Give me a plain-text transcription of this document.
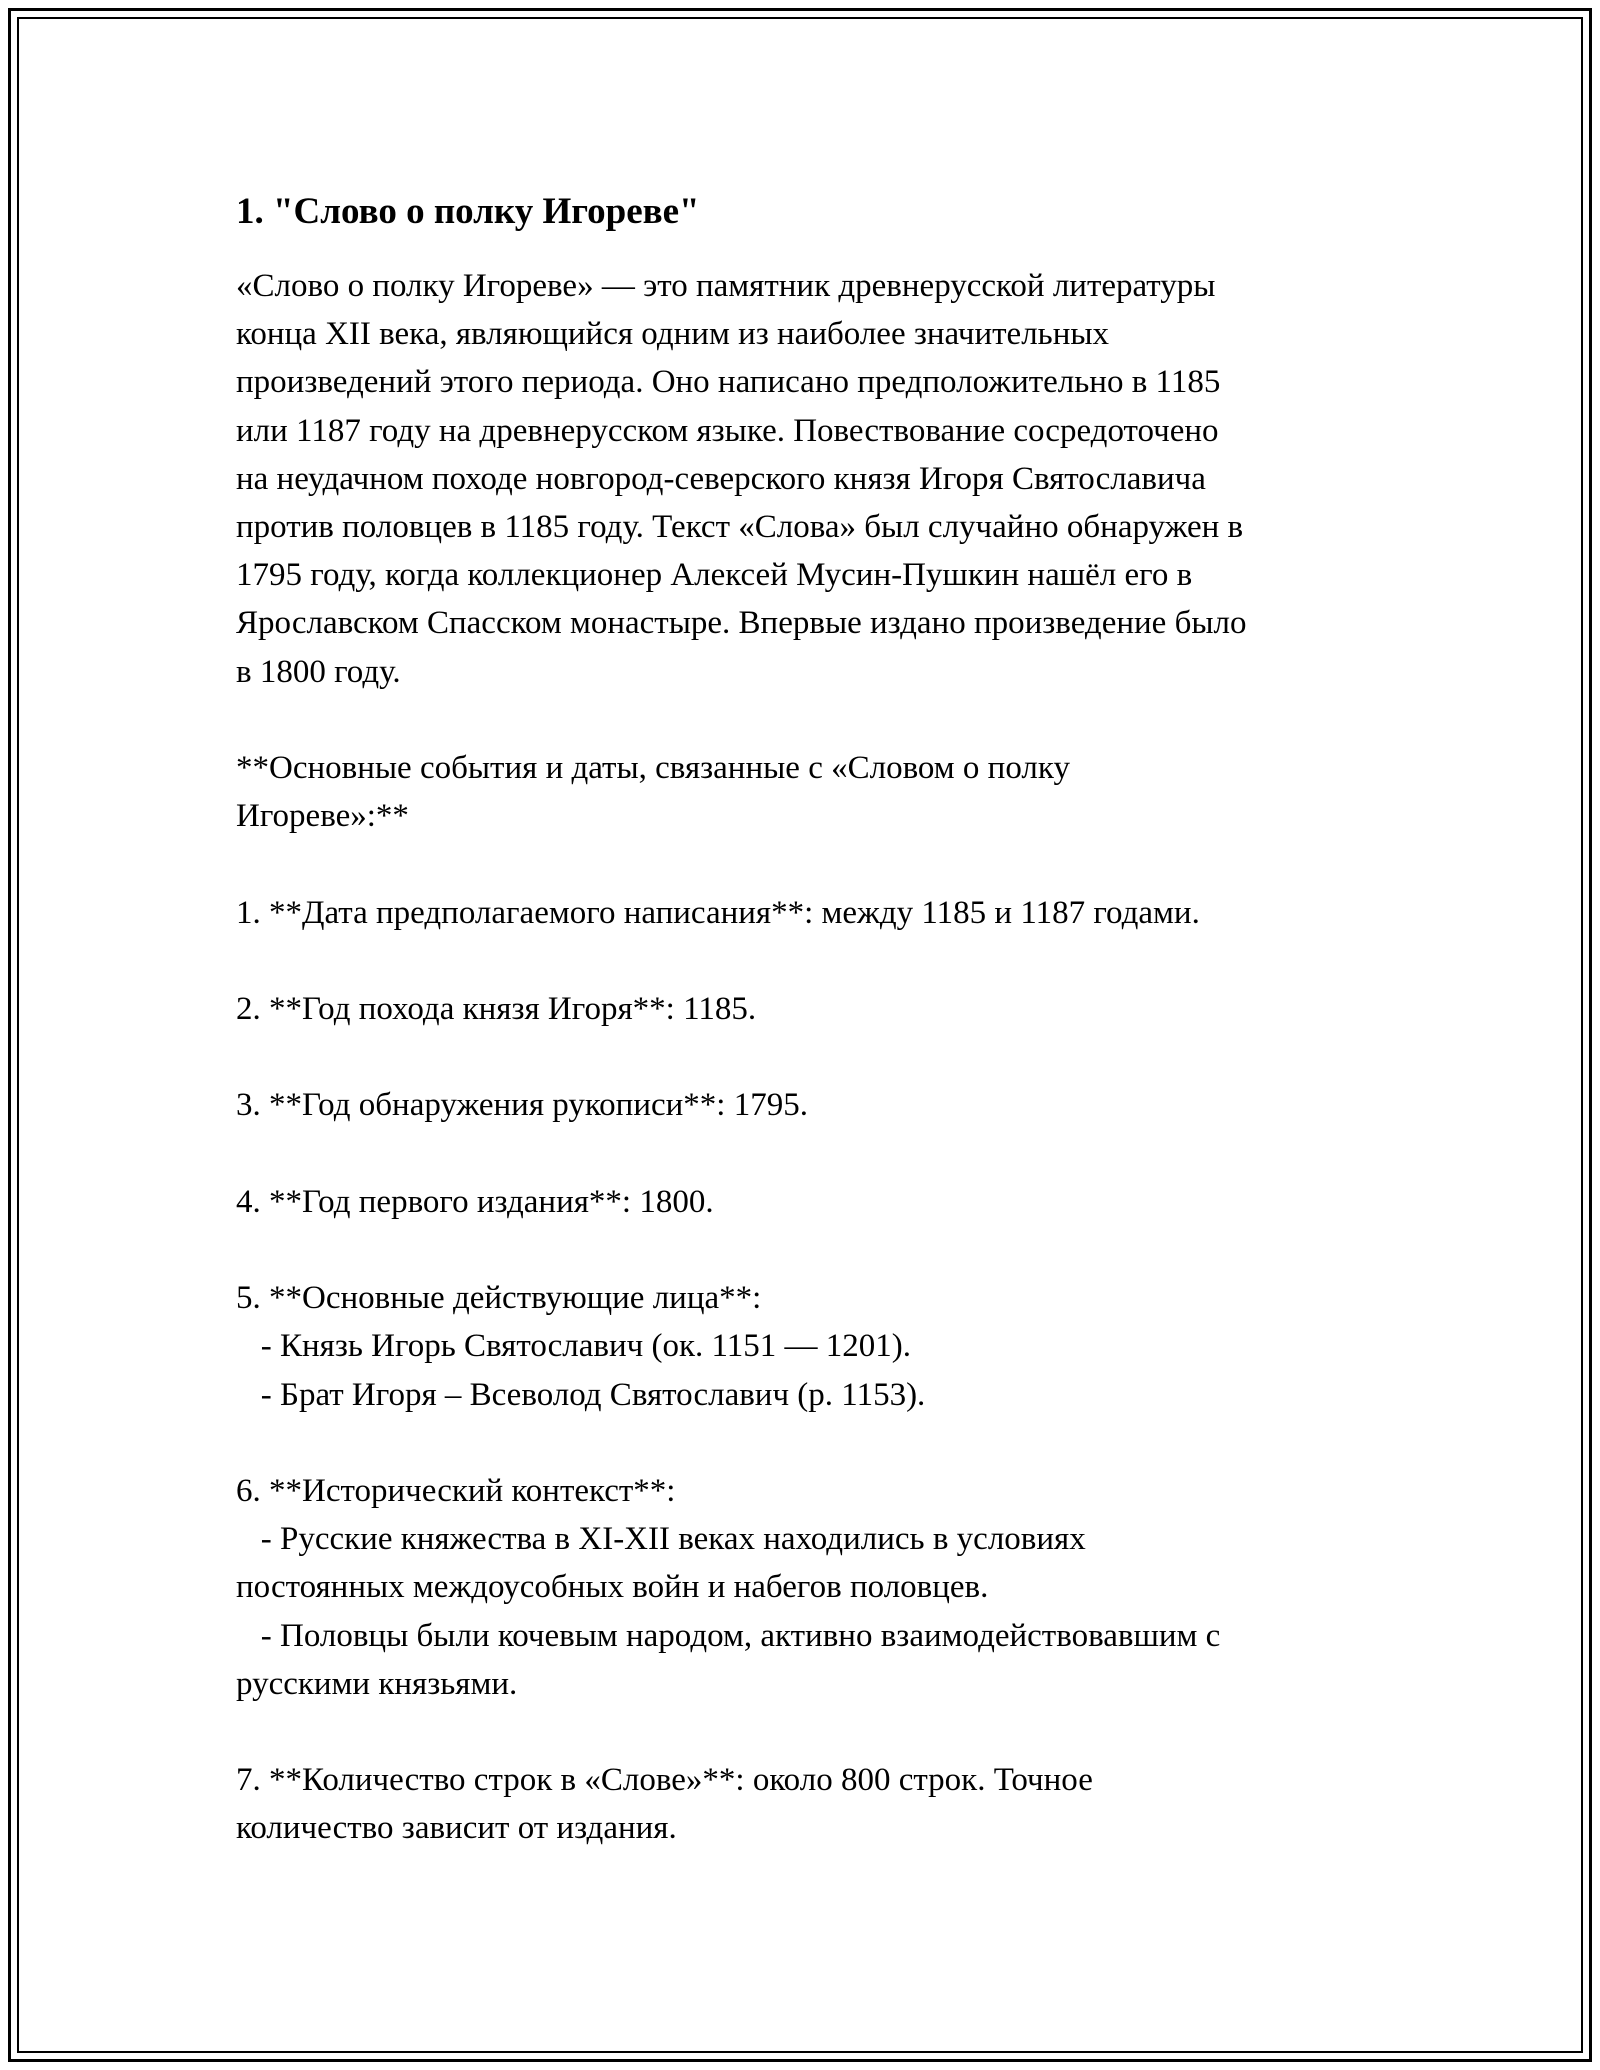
1. "Слово о полку Игореве"
«Слово о полку Игореве» — это памятник древнерусской литературы
конца XII века, являющийся одним из наиболее значительных
произведений этого периода. Оно написано предположительно в 1185
или 1187 году на древнерусском языке. Повествование сосредоточено
на неудачном походе новгород-северского князя Игоря Святославича
против половцев в 1185 году. Текст «Слова» был случайно обнаружен в
1795 году, когда коллекционер Алексей Мусин-Пушкин нашёл его в
Ярославском Спасском монастыре. Впервые издано произведение было
в 1800 году.
**Основные события и даты, связанные с «Словом о полку
Игореве»:**
1. **Дата предполагаемого написания**: между 1185 и 1187 годами.
2. **Год похода князя Игоря**: 1185.
3. **Год обнаружения рукописи**: 1795.
4. **Год первого издания**: 1800.
5. **Основные действующие лица**:
- Князь Игорь Святославич (ок. 1151 — 1201).
- Брат Игоря – Всеволод Святославич (р. 1153).
6. **Исторический контекст**:
- Русские княжества в XI-XII веках находились в условиях
постоянных междоусобных войн и набегов половцев.
- Половцы были кочевым народом, активно взаимодействовавшим с
русскими князьями.
7. **Количество строк в «Слове»**: около 800 строк. Точное
количество зависит от издания.
